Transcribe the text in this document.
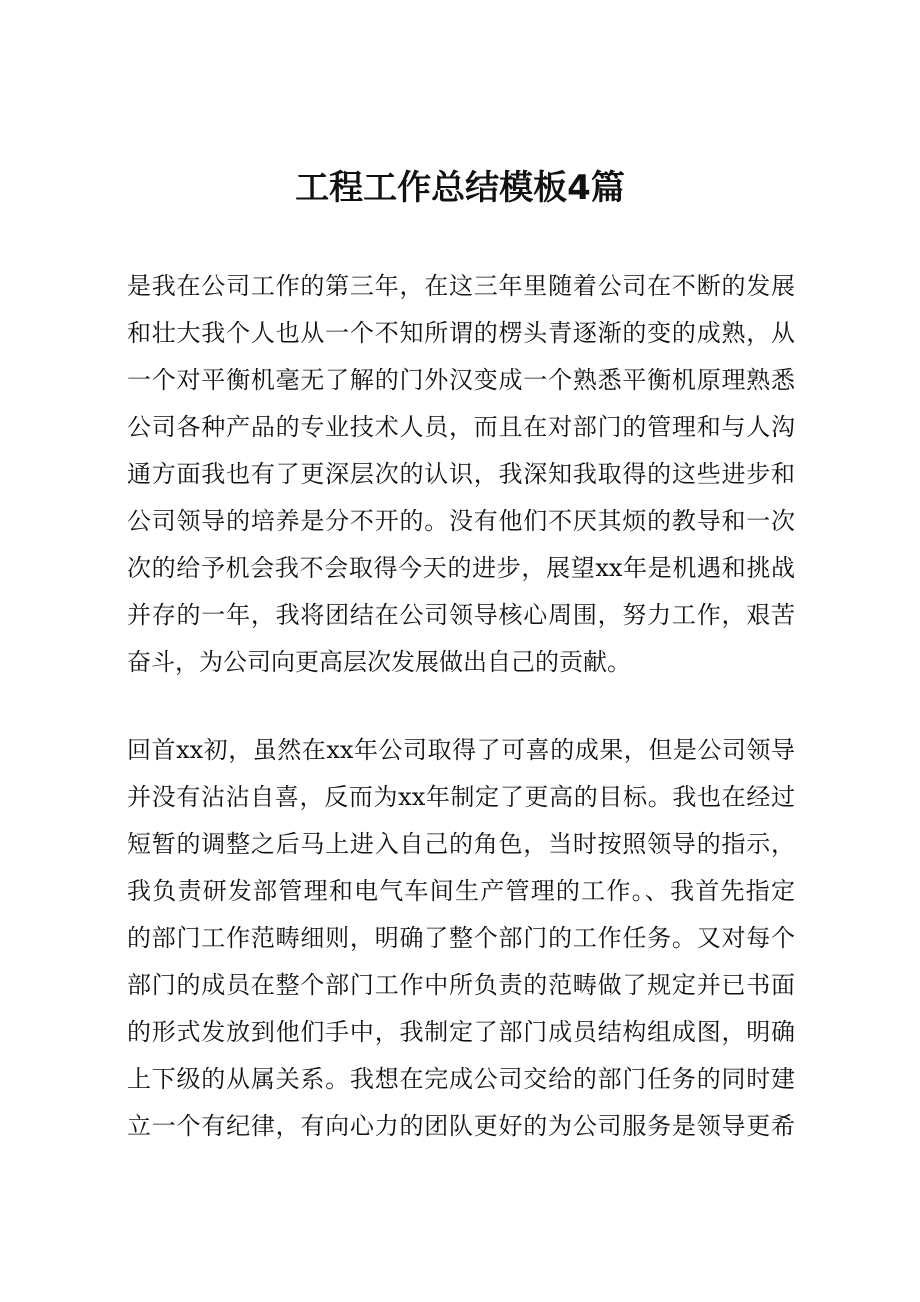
工程工作总结模板4篇
是我在公司工作的第三年，在这三年里随着公司在不断的发展
和壮大我个人也从一个不知所谓的楞头青逐渐的变的成熟，从
一个对平衡机毫无了解的门外汉变成一个熟悉平衡机原理熟悉
公司各种产品的专业技术人员，而且在对部门的管理和与人沟
通方面我也有了更深层次的认识，我深知我取得的这些进步和
公司领导的培养是分不开的。没有他们不厌其烦的教导和一次
次的给予机会我不会取得今天的进步，展望xx年是机遇和挑战
并存的一年，我将团结在公司领导核心周围，努力工作，艰苦
奋斗，为公司向更高层次发展做出自己的贡献。
回首xx初，虽然在xx年公司取得了可喜的成果，但是公司领导
并没有沾沾自喜，反而为xx年制定了更高的目标。我也在经过
短暂的调整之后马上进入自己的角色，当时按照领导的指示，
我负责研发部管理和电气车间生产管理的工作。、我首先指定
的部门工作范畴细则，明确了整个部门的工作任务。又对每个
部门的成员在整个部门工作中所负责的范畴做了规定并已书面
的形式发放到他们手中，我制定了部门成员结构组成图，明确
上下级的从属关系。我想在完成公司交给的部门任务的同时建
立一个有纪律，有向心力的团队更好的为公司服务是领导更希
